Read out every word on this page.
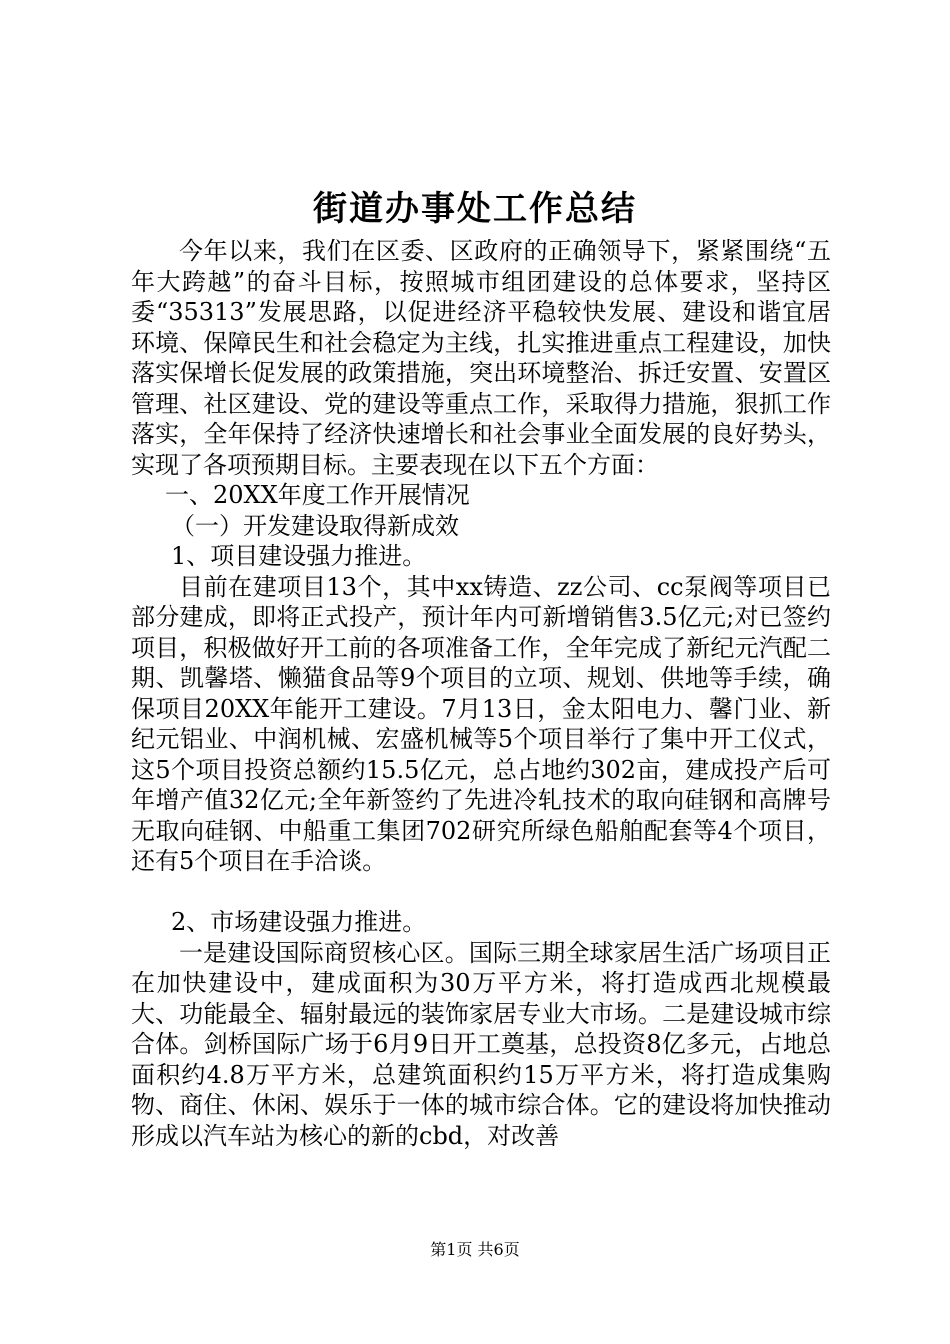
街道办事处工作总结

今年以来，我们在区委、区政府的正确领导下，紧紧围绕“五年大跨越”的奋斗目标，按照城市组团建设的总体要求，坚持区委“35313”发展思路，以促进经济平稳较快发展、建设和谐宜居环境、保障民生和社会稳定为主线，扎实推进重点工程建设，加快落实保增长促发展的政策措施，突出环境整治、拆迁安置、安置区管理、社区建设、党的建设等重点工作，采取得力措施，狠抓工作落实，全年保持了经济快速增长和社会事业全面发展的良好势头，实现了各项预期目标。主要表现在以下五个方面：

一、20XX年度工作开展情况

（一）开发建设取得新成效

1、项目建设强力推进。

目前在建项目13个，其中xx铸造、zz公司、cc泵阀等项目已部分建成，即将正式投产，预计年内可新增销售3.5亿元;对已签约项目，积极做好开工前的各项准备工作，全年完成了新纪元汽配二期、凯馨塔、懒猫食品等9个项目的立项、规划、供地等手续，确保项目20XX年能开工建设。7月13日，金太阳电力、馨门业、新纪元铝业、中润机械、宏盛机械等5个项目举行了集中开工仪式，这5个项目投资总额约15.5亿元，总占地约302亩，建成投产后可年增产值32亿元;全年新签约了先进冷轧技术的取向硅钢和高牌号无取向硅钢、中船重工集团702研究所绿色船舶配套等4个项目，还有5个项目在手洽谈。

2、市场建设强力推进。

一是建设国际商贸核心区。国际三期全球家居生活广场项目正在加快建设中，建成面积为30万平方米，将打造成西北规模最大、功能最全、辐射最远的装饰家居专业大市场。二是建设城市综合体。剑桥国际广场于6月9日开工奠基，总投资8亿多元，占地总面积约4.8万平方米，总建筑面积约15万平方米，将打造成集购物、商住、休闲、娱乐于一体的城市综合体。它的建设将加快推动形成以汽车站为核心的新的cbd，对改善

第1页 共6页
